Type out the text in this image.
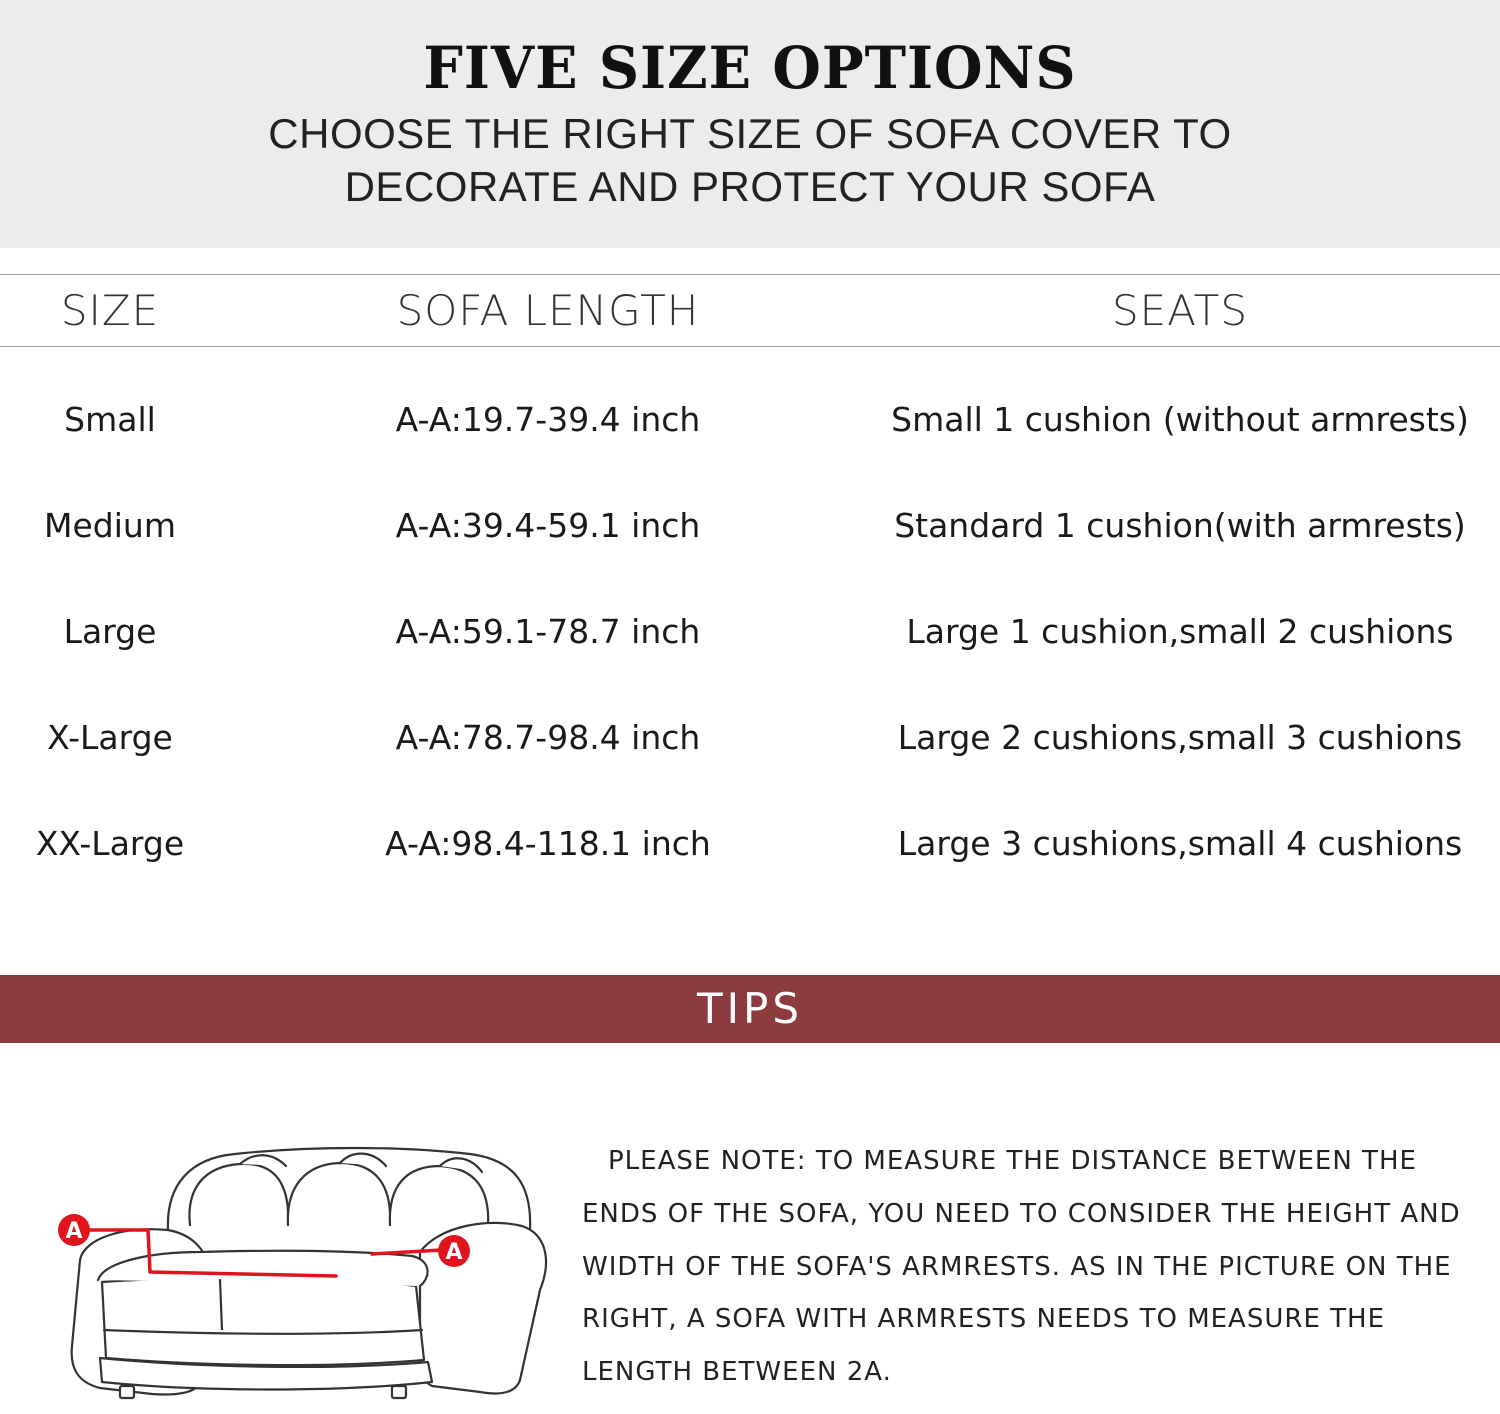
FIVE SIZE OPTIONS
CHOOSE THE RIGHT SIZE OF SOFA COVER TO
DECORATE AND PROTECT YOUR SOFA
SIZE	SOFA LENGTH	SEATS
Small	A-A:19.7-39.4 inch	Small 1 cushion (without armrests)
Medium	A-A:39.4-59.1 inch	Standard 1 cushion(with armrests)
Large	A-A:59.1-78.7 inch	Large 1 cushion,small 2 cushions
X-Large	A-A:78.7-98.4 inch	Large 2 cushions,small 3 cushions
XX-Large	A-A:98.4-118.1 inch	Large 3 cushions,small 4 cushions
TIPS
A
A
PLEASE NOTE: TO MEASURE THE DISTANCE BETWEEN THE ENDS OF THE SOFA, YOU NEED TO CONSIDER THE HEIGHT AND WIDTH OF THE SOFA'S ARMRESTS. AS IN THE PICTURE ON THE RIGHT, A SOFA WITH ARMRESTS NEEDS TO MEASURE THE LENGTH BETWEEN 2A.
